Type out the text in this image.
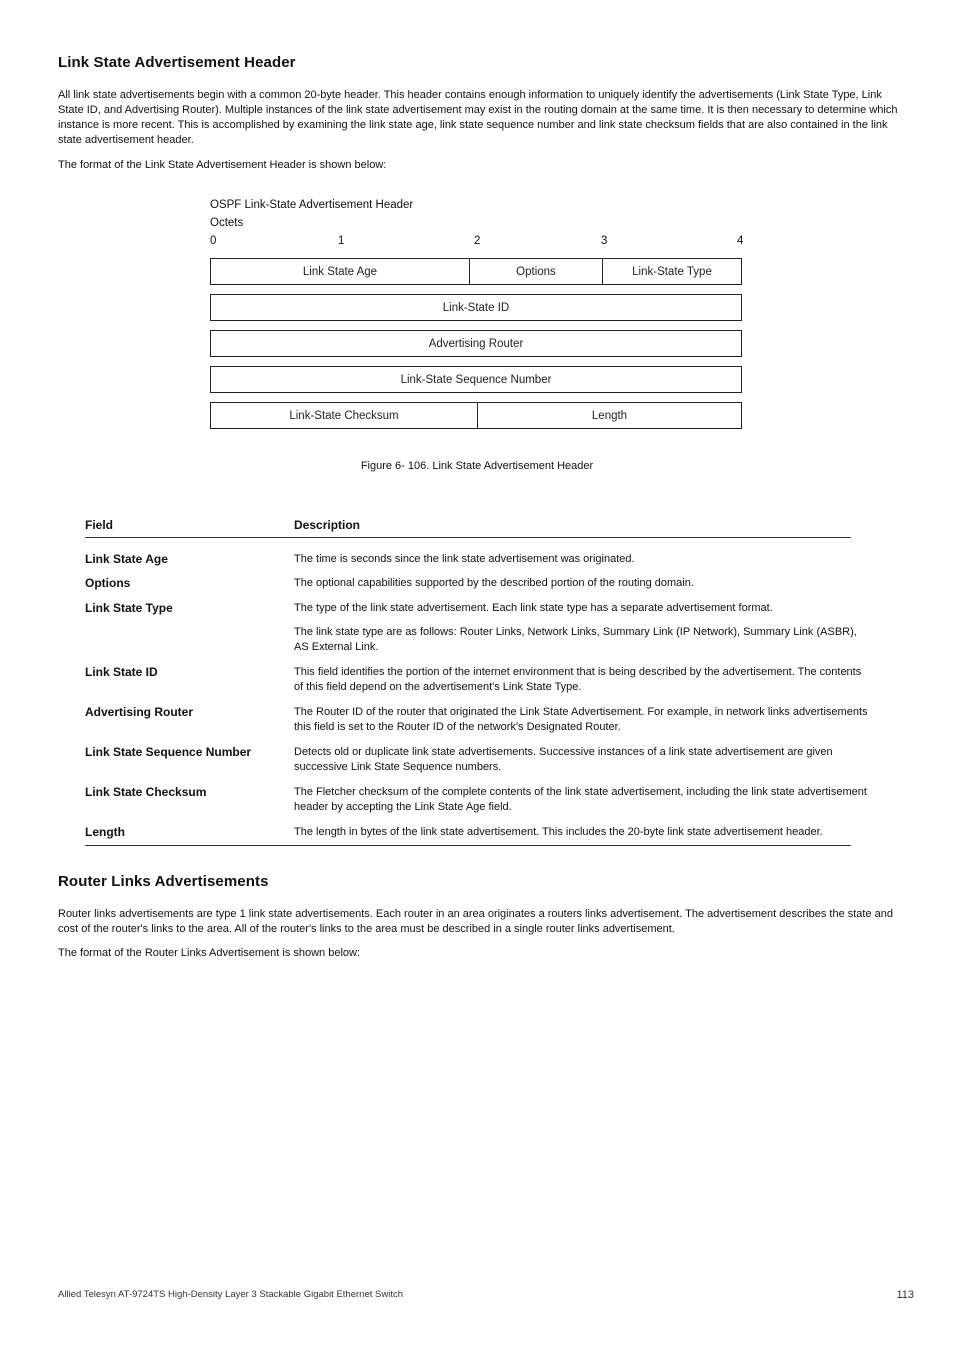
Link State Advertisement Header
All link state advertisements begin with a common 20-byte header. This header contains enough information to uniquely identify the advertisements (Link State Type, Link State ID, and Advertising Router). Multiple instances of the link state advertisement may exist in the routing domain at the same time. It is then necessary to determine which instance is more recent. This is accomplished by examining the link state age, link state sequence number and link state checksum fields that are also contained in the link state advertisement header.
The format of the Link State Advertisement Header is shown below:
OSPF Link-State Advertisement Header
Octets
0	1	2	3	4
Link State Age	Options	Link-State Type
Link-State ID
Advertising Router
Link-State Sequence Number
Link-State Checksum	Length
Figure 6- 106. Link State Advertisement Header
Field	Description
Link State Age	The time is seconds since the link state advertisement was originated.
Options	The optional capabilities supported by the described portion of the routing domain.
Link State Type	The type of the link state advertisement. Each link state type has a separate advertisement format.
The link state type are as follows: Router Links, Network Links, Summary Link (IP Network), Summary Link (ASBR), AS External Link.
Link State ID	This field identifies the portion of the internet environment that is being described by the advertisement. The contents of this field depend on the advertisement's Link State Type.
Advertising Router	The Router ID of the router that originated the Link State Advertisement. For example, in network links advertisements this field is set to the Router ID of the network's Designated Router.
Link State Sequence Number	Detects old or duplicate link state advertisements. Successive instances of a link state advertisement are given successive Link State Sequence numbers.
Link State Checksum	The Fletcher checksum of the complete contents of the link state advertisement, including the link state advertisement header by accepting the Link State Age field.
Length	The length in bytes of the link state advertisement. This includes the 20-byte link state advertisement header.
Router Links Advertisements
Router links advertisements are type 1 link state advertisements. Each router in an area originates a routers links advertisement. The advertisement describes the state and cost of the router's links to the area. All of the router's links to the area must be described in a single router links advertisement.
The format of the Router Links Advertisement is shown below:
Allied Telesyn AT-9724TS High-Density Layer 3 Stackable Gigabit Ethernet Switch	113
